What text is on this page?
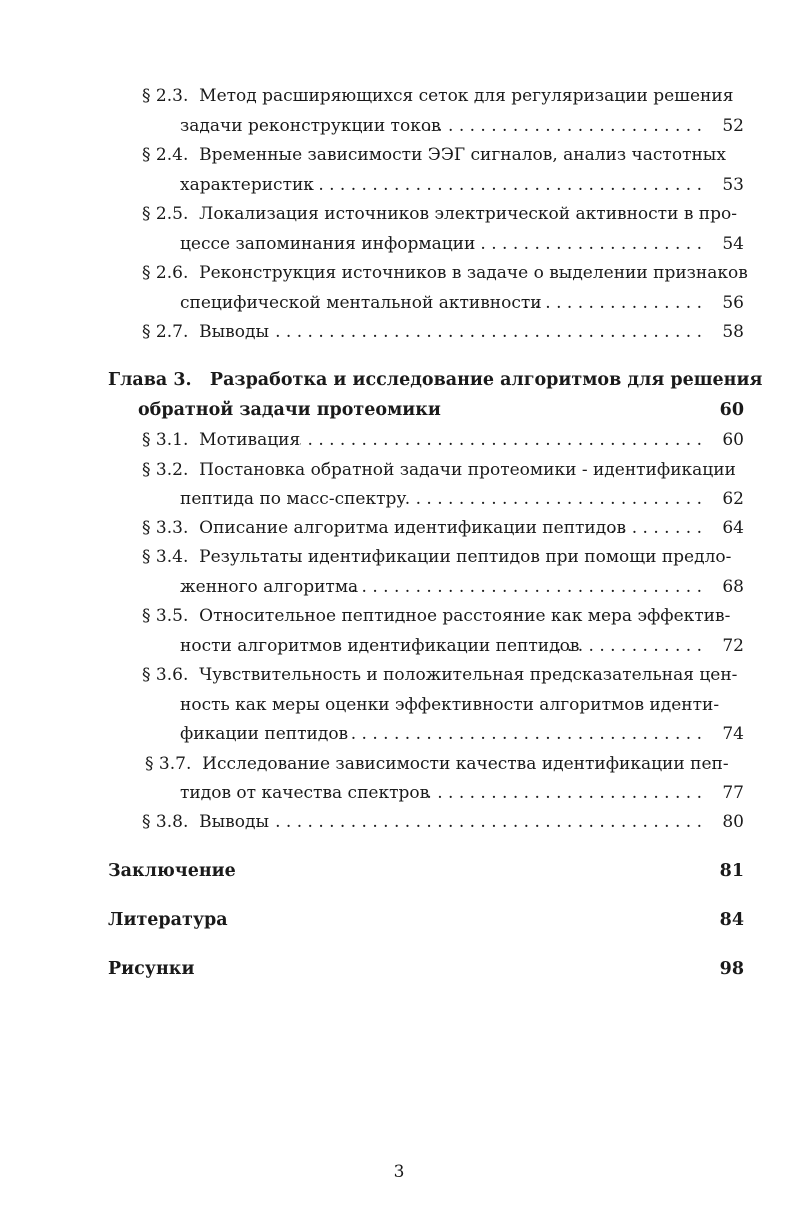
§ 2.3. Метод расширяющихся сеток для регуляризации решения
задачи реконструкции токов . . .	52
§ 2.4. Временные зависимости ЭЭГ сигналов, анализ частотных
характеристик . . .	53
§ 2.5. Локализация источников электрической активности в про-
цессе запоминания информации . . .	54
§ 2.6. Реконструкция источников в задаче о выделении признаков
специфической ментальной активности . . .	56
§ 2.7. Выводы . . .	58
Глава 3. Разработка и исследование алгоритмов для решения
обратной задачи протеомики	60
§ 3.1. Мотивация . . .	60
§ 3.2. Постановка обратной задачи протеомики - идентификации
пептида по масс-спектру . . .	62
§ 3.3. Описание алгоритма идентификации пептидов . . .	64
§ 3.4. Результаты идентификации пептидов при помощи предло-
женного алгоритма . . .	68
§ 3.5. Относительное пептидное расстояние как мера эффектив-
ности алгоритмов идентификации пептидов . . .	72
§ 3.6. Чувствительность и положительная предсказательная цен-
ность как меры оценки эффективности алгоритмов иденти-
фикации пептидов . . .	74
§ 3.7. Исследование зависимости качества идентификации пеп-
тидов от качества спектров . . .	77
§ 3.8. Выводы . . .	80
Заключение	81
Литература	84
Рисунки	98
3
